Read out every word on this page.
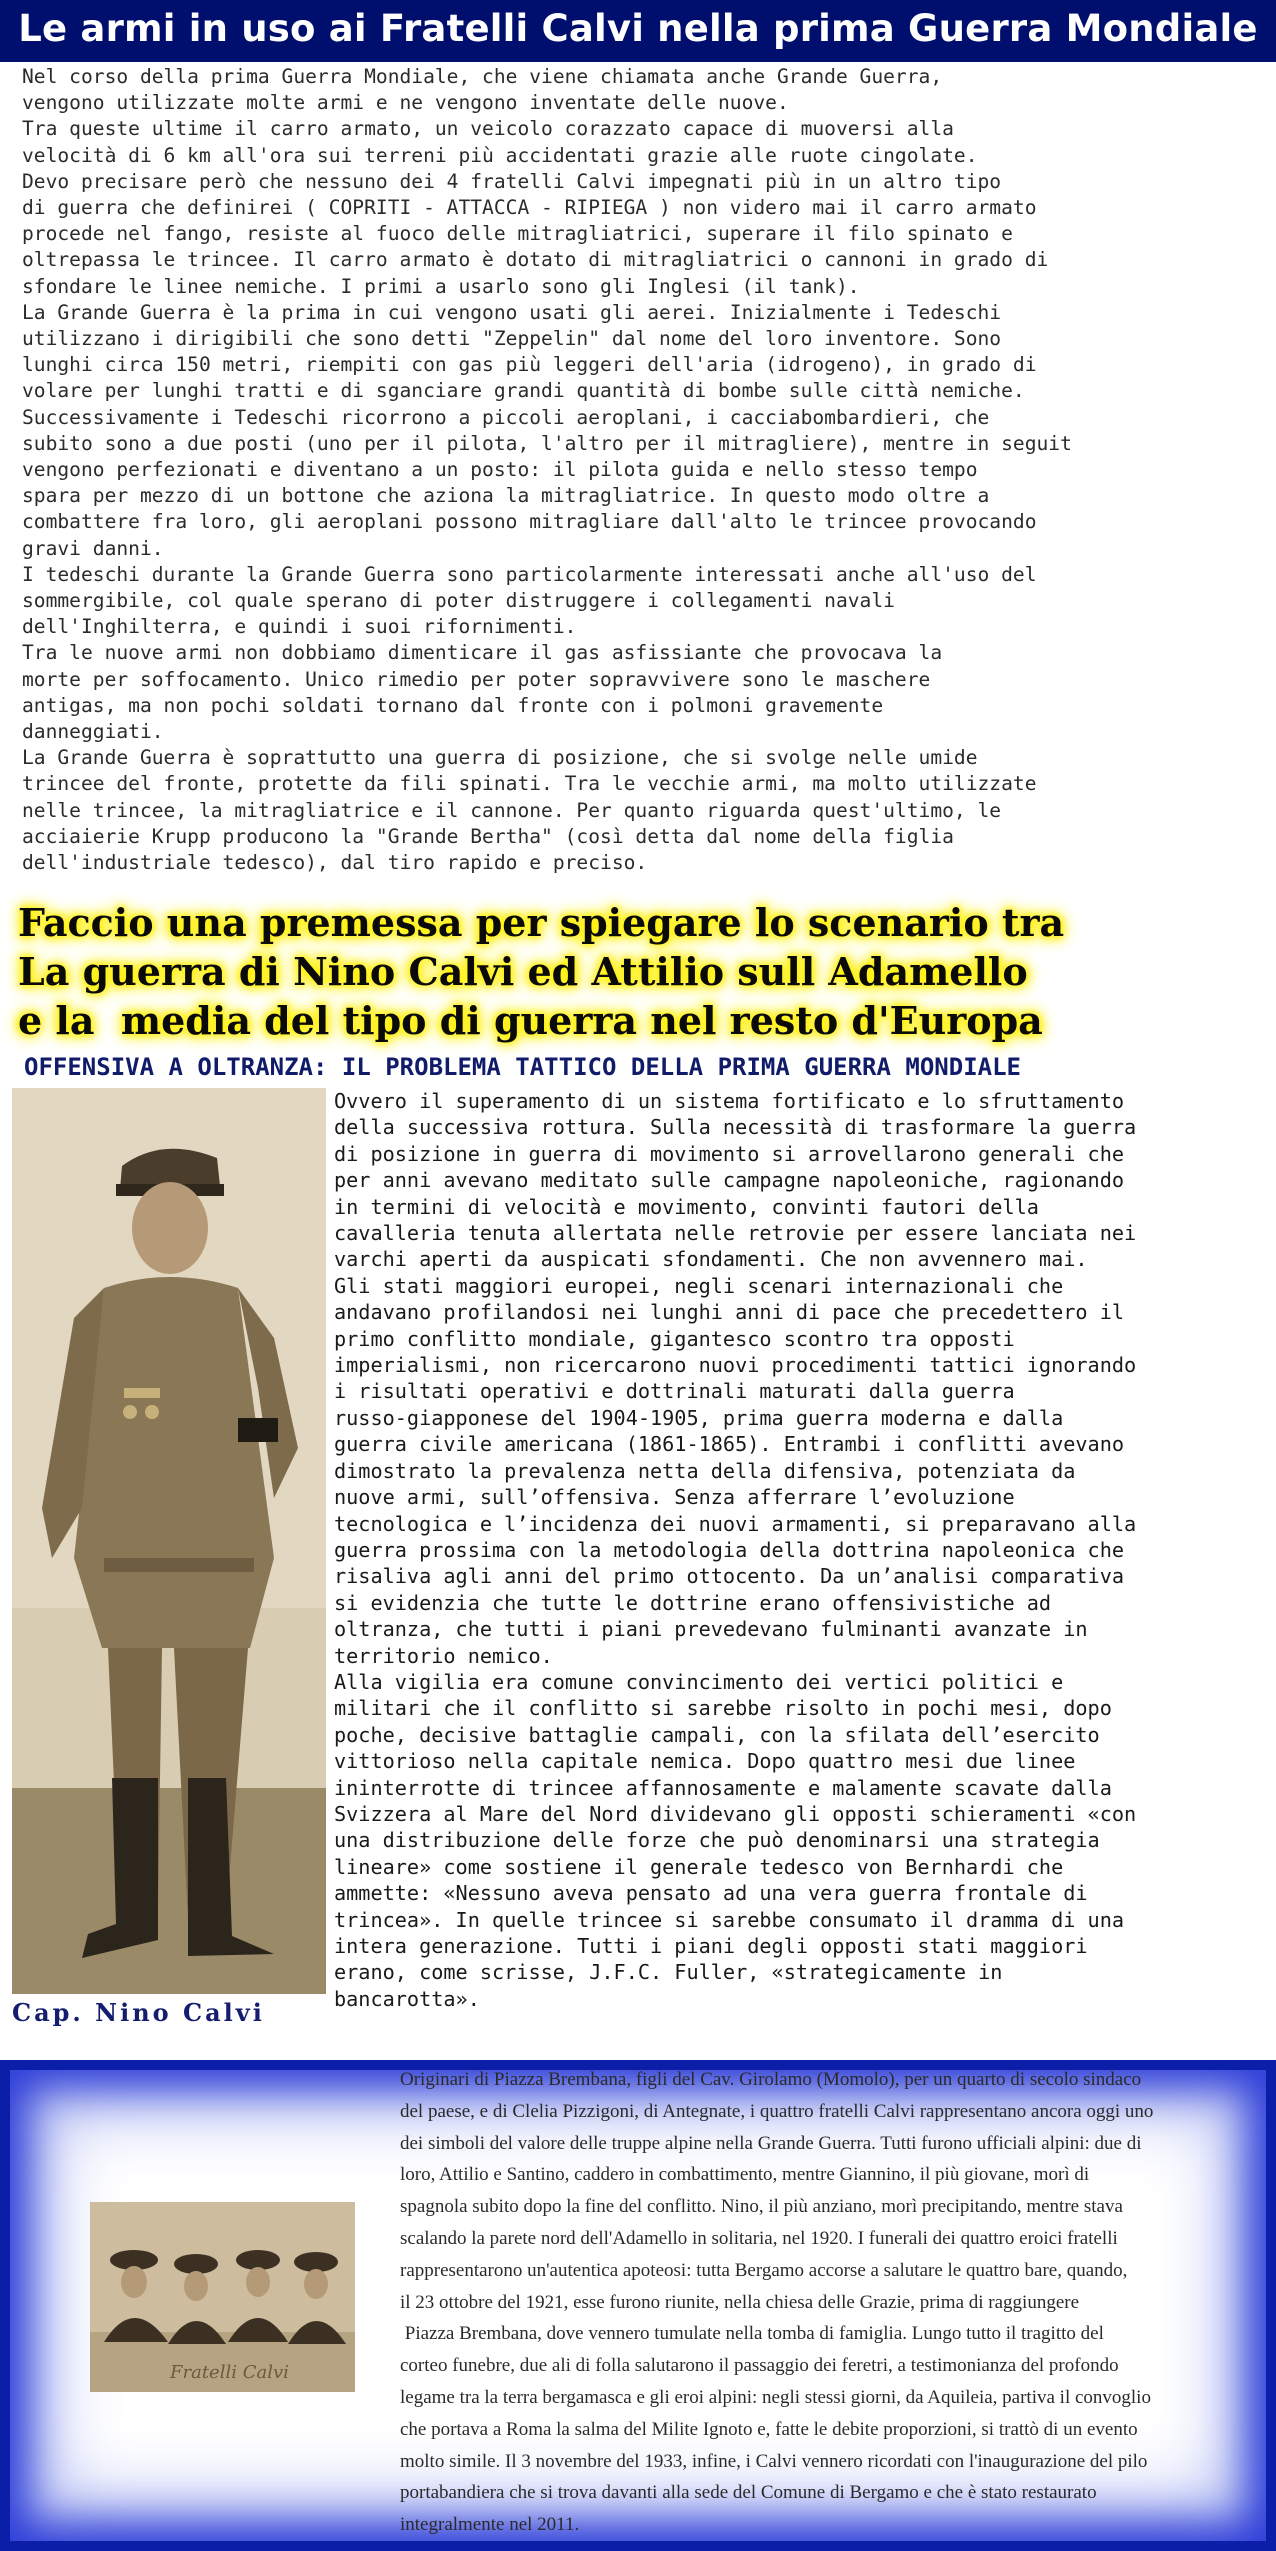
Le armi in uso ai Fratelli Calvi nella prima Guerra Mondiale
Nel corso della prima Guerra Mondiale, che viene chiamata anche Grande Guerra,
vengono utilizzate molte armi e ne vengono inventate delle nuove.
Tra queste ultime il carro armato, un veicolo corazzato capace di muoversi alla
velocità di 6 km all'ora sui terreni più accidentati grazie alle ruote cingolate.
Devo precisare però che nessuno dei 4 fratelli Calvi impegnati più in un altro tipo
di guerra che definirei ( COPRITI - ATTACCA - RIPIEGA ) non videro mai il carro armato
procede nel fango, resiste al fuoco delle mitragliatrici, superare il filo spinato e
oltrepassa le trincee. Il carro armato è dotato di mitragliatrici o cannoni in grado di
sfondare le linee nemiche. I primi a usarlo sono gli Inglesi (il tank).
La Grande Guerra è la prima in cui vengono usati gli aerei. Inizialmente i Tedeschi
utilizzano i dirigibili che sono detti "Zeppelin" dal nome del loro inventore. Sono
lunghi circa 150 metri, riempiti con gas più leggeri dell'aria (idrogeno), in grado di
volare per lunghi tratti e di sganciare grandi quantità di bombe sulle città nemiche.
Successivamente i Tedeschi ricorrono a piccoli aeroplani, i cacciabombardieri, che
subito sono a due posti (uno per il pilota, l'altro per il mitragliere), mentre in seguit
vengono perfezionati e diventano a un posto: il pilota guida e nello stesso tempo
spara per mezzo di un bottone che aziona la mitragliatrice. In questo modo oltre a
combattere fra loro, gli aeroplani possono mitragliare dall'alto le trincee provocando
gravi danni.
I tedeschi durante la Grande Guerra sono particolarmente interessati anche all'uso del
sommergibile, col quale sperano di poter distruggere i collegamenti navali
dell'Inghilterra, e quindi i suoi rifornimenti.
Tra le nuove armi non dobbiamo dimenticare il gas asfissiante che provocava la
morte per soffocamento. Unico rimedio per poter sopravvivere sono le maschere
antigas, ma non pochi soldati tornano dal fronte con i polmoni gravemente
danneggiati.
La Grande Guerra è soprattutto una guerra di posizione, che si svolge nelle umide
trincee del fronte, protette da fili spinati. Tra le vecchie armi, ma molto utilizzate
nelle trincee, la mitragliatrice e il cannone. Per quanto riguarda quest'ultimo, le
acciaierie Krupp producono la "Grande Bertha" (così detta dal nome della figlia
dell'industriale tedesco), dal tiro rapido e preciso.
Faccio una premessa per spiegare lo scenario tra
La guerra di Nino Calvi ed Attilio sull Adamello
e la  media del tipo di guerra nel resto d'Europa
OFFENSIVA A OLTRANZA: IL PROBLEMA TATTICO DELLA PRIMA GUERRA MONDIALE
Cap. Nino Calvi
Ovvero il superamento di un sistema fortificato e lo sfruttamento
della successiva rottura. Sulla necessità di trasformare la guerra
di posizione in guerra di movimento si arrovellarono generali che
per anni avevano meditato sulle campagne napoleoniche, ragionando
in termini di velocità e movimento, convinti fautori della
cavalleria tenuta allertata nelle retrovie per essere lanciata nei
varchi aperti da auspicati sfondamenti. Che non avvennero mai.
Gli stati maggiori europei, negli scenari internazionali che
andavano profilandosi nei lunghi anni di pace che precedettero il
primo conflitto mondiale, gigantesco scontro tra opposti
imperialismi, non ricercarono nuovi procedimenti tattici ignorando
i risultati operativi e dottrinali maturati dalla guerra
russo-giapponese del 1904-1905, prima guerra moderna e dalla
guerra civile americana (1861-1865). Entrambi i conflitti avevano
dimostrato la prevalenza netta della difensiva, potenziata da
nuove armi, sull’offensiva. Senza afferrare l’evoluzione
tecnologica e l’incidenza dei nuovi armamenti, si preparavano alla
guerra prossima con la metodologia della dottrina napoleonica che
risaliva agli anni del primo ottocento. Da un’analisi comparativa
si evidenzia che tutte le dottrine erano offensivistiche ad
oltranza, che tutti i piani prevedevano fulminanti avanzate in
territorio nemico.
Alla vigilia era comune convincimento dei vertici politici e
militari che il conflitto si sarebbe risolto in pochi mesi, dopo
poche, decisive battaglie campali, con la sfilata dell’esercito
vittorioso nella capitale nemica. Dopo quattro mesi due linee
ininterrotte di trincee affannosamente e malamente scavate dalla
Svizzera al Mare del Nord dividevano gli opposti schieramenti «con
una distribuzione delle forze che può denominarsi una strategia
lineare» come sostiene il generale tedesco von Bernhardi che
ammette: «Nessuno aveva pensato ad una vera guerra frontale di
trincea». In quelle trincee si sarebbe consumato il dramma di una
intera generazione. Tutti i piani degli opposti stati maggiori
erano, come scrisse, J.F.C. Fuller, «strategicamente in
bancarotta».
Fratelli Calvi
Originari di Piazza Brembana, figli del Cav. Girolamo (Momolo), per un quarto di secolo sindaco
del paese, e di Clelia Pizzigoni, di Antegnate, i quattro fratelli Calvi rappresentano ancora oggi uno
dei simboli del valore delle truppe alpine nella Grande Guerra. Tutti furono ufficiali alpini: due di
loro, Attilio e Santino, caddero in combattimento, mentre Giannino, il più giovane, morì di
spagnola subito dopo la fine del conflitto. Nino, il più anziano, morì precipitando, mentre stava
scalando la parete nord dell'Adamello in solitaria, nel 1920. I funerali dei quattro eroici fratelli
rappresentarono un'autentica apoteosi: tutta Bergamo accorse a salutare le quattro bare, quando,
il 23 ottobre del 1921, esse furono riunite, nella chiesa delle Grazie, prima di raggiungere
Piazza Brembana, dove vennero tumulate nella tomba di famiglia. Lungo tutto il tragitto del
corteo funebre, due ali di folla salutarono il passaggio dei feretri, a testimonianza del profondo
legame tra la terra bergamasca e gli eroi alpini: negli stessi giorni, da Aquileia, partiva il convoglio
che portava a Roma la salma del Milite Ignoto e, fatte le debite proporzioni, si trattò di un evento
molto simile. Il 3 novembre del 1933, infine, i Calvi vennero ricordati con l'inaugurazione del pilo
portabandiera che si trova davanti alla sede del Comune di Bergamo e che è stato restaurato
integralmente nel 2011.
